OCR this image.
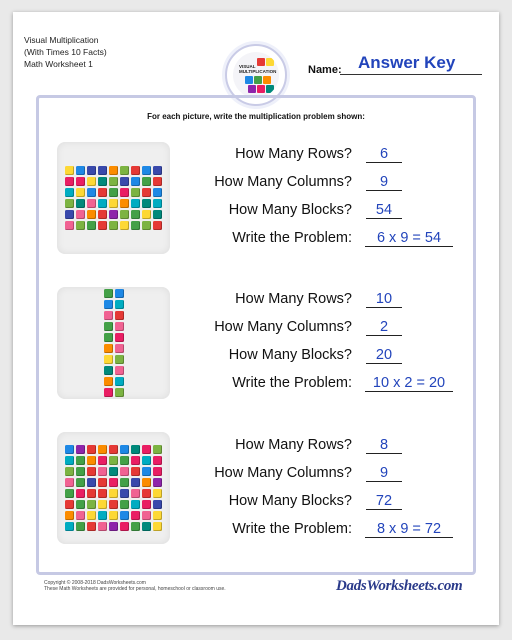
Visual Multiplication
(With Times 10 Facts)
Math Worksheet 1	VISUAL
MULTIPLICATION	Name: Answer Key
For each picture, write the multiplication problem shown:
How Many Rows?	6
How Many Columns?	9
How Many Blocks?	54
Write the Problem:	6 x 9 = 54
How Many Rows?	10
How Many Columns?	2
How Many Blocks?	20
Write the Problem:	10 x 2 = 20
How Many Rows?	8
How Many Columns?	9
How Many Blocks?	72
Write the Problem:	8 x 9 = 72
Copyright © 2008-2018 DadsWorksheets.com
These Math Worksheets are provided for personal, homeschool or classroom use.	DadsWorksheets.com
